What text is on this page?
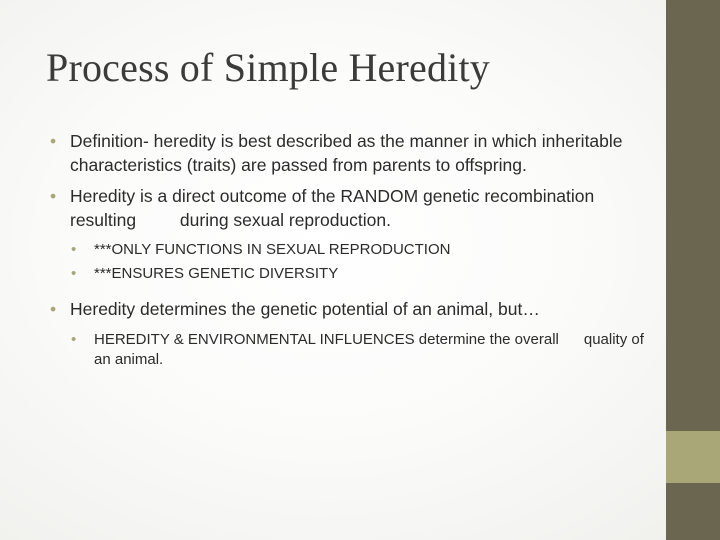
Process of Simple Heredity
• Definition- heredity is best described as the manner in which inheritable   characteristics (traits) are passed from parents to offspring.
• Heredity is a direct outcome of the RANDOM genetic recombination resulting         during sexual reproduction.
• ***ONLY FUNCTIONS IN SEXUAL REPRODUCTION
• ***ENSURES GENETIC DIVERSITY
• Heredity determines the genetic potential of an animal, but…
• HEREDITY & ENVIRONMENTAL INFLUENCES determine the overall      quality of an animal.
